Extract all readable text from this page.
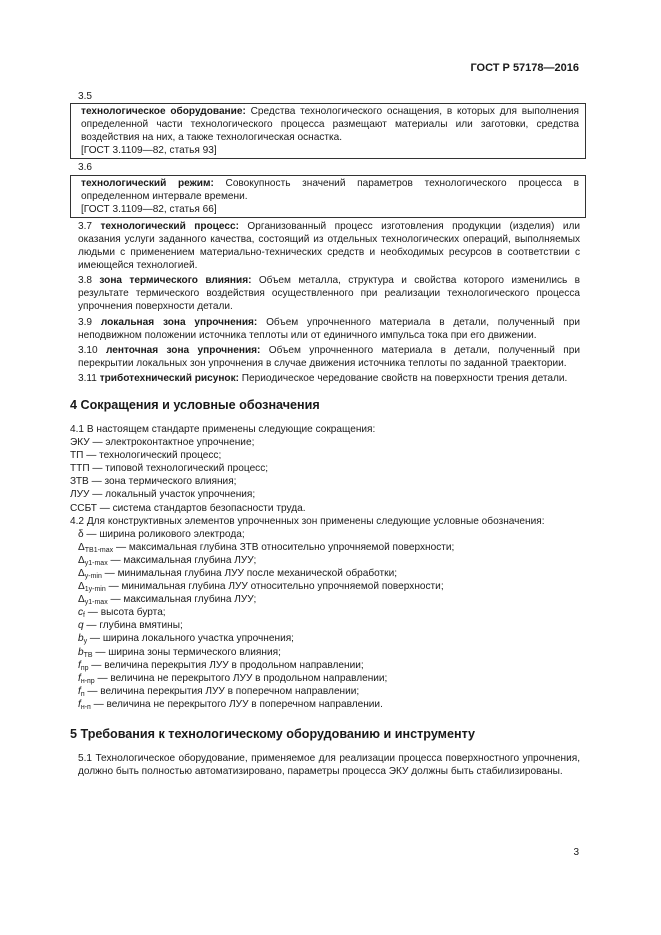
ГОСТ Р 57178—2016

3.5

технологическое оборудование: Средства технологического оснащения, в которых для выполнения определенной части технологического процесса размещают материалы или заготовки, средства воздействия на них, а также технологическая оснастка.

[ГОСТ 3.1109—82, статья 93]

3.6

технологический режим: Совокупность значений параметров технологического процесса в определенном интервале времени.

[ГОСТ 3.1109—82, статья 66]

3.7 технологический процесс: Организованный процесс изготовления продукции (изделия) или оказания услуги заданного качества, состоящий из отдельных технологических операций, выполняемых людьми с применением материально-технических средств и необходимых ресурсов в соответствии с имеющейся технологией.

3.8 зона термического влияния: Объем металла, структура и свойства которого изменились в результате термического воздействия осуществленного при реализации технологического процесса упрочнения поверхности детали.

3.9 локальная зона упрочнения: Объем упрочненного материала в детали, полученный при неподвижном положении источника теплоты или от единичного импульса тока при его движении.

3.10 ленточная зона упрочнения: Объем упрочненного материала в детали, полученный при перекрытии локальных зон упрочнения в случае движения источника теплоты по заданной траектории.

3.11 триботехнический рисунок: Периодическое чередование свойств на поверхности трения детали.

4 Сокращения и условные обозначения

4.1 В настоящем стандарте применены следующие сокращения:

ЭКУ — электроконтактное упрочнение;

ТП — технологический процесс;

ТТП — типовой технологический процесс;

ЗТВ — зона термического влияния;

ЛУУ — локальный участок упрочнения;

ССБТ — система стандартов безопасности труда.

4.2 Для конструктивных элементов упрочненных зон применены следующие условные обозначения:

δ — ширина роликового электрода;

$\Delta_{ТВ1-max}$ — максимальная глубина ЗТВ относительно упрочняемой поверхности;

$\Delta_{у1-max}$ — максимальная глубина ЛУУ;

$\Delta_{у-min}$ — минимальная глубина ЛУУ после механической обработки;

$\Delta_{1у-min}$ — минимальная глубина ЛУУ относительно упрочняемой поверхности;

$\Delta_{у1-max}$ — максимальная глубина ЛУУ;

$c_f$ — высота бурта;

q — глубина вмятины;

$b_у$ — ширина локального участка упрочнения;

$b_{ТВ}$ — ширина зоны термического влияния;

$f_{пр}$ — величина перекрытия ЛУУ в продольном направлении;

$f_{н-пр}$ — величина не перекрытого ЛУУ в продольном направлении;

$f_п$ — величина перекрытия ЛУУ в поперечном направлении;

$f_{н-п}$ — величина не перекрытого ЛУУ в поперечном направлении.

5 Требования к технологическому оборудованию и инструменту

5.1 Технологическое оборудование, применяемое для реализации процесса поверхностного упрочнения, должно быть полностью автоматизировано, параметры процесса ЭКУ должны быть стабилизированы.

3
